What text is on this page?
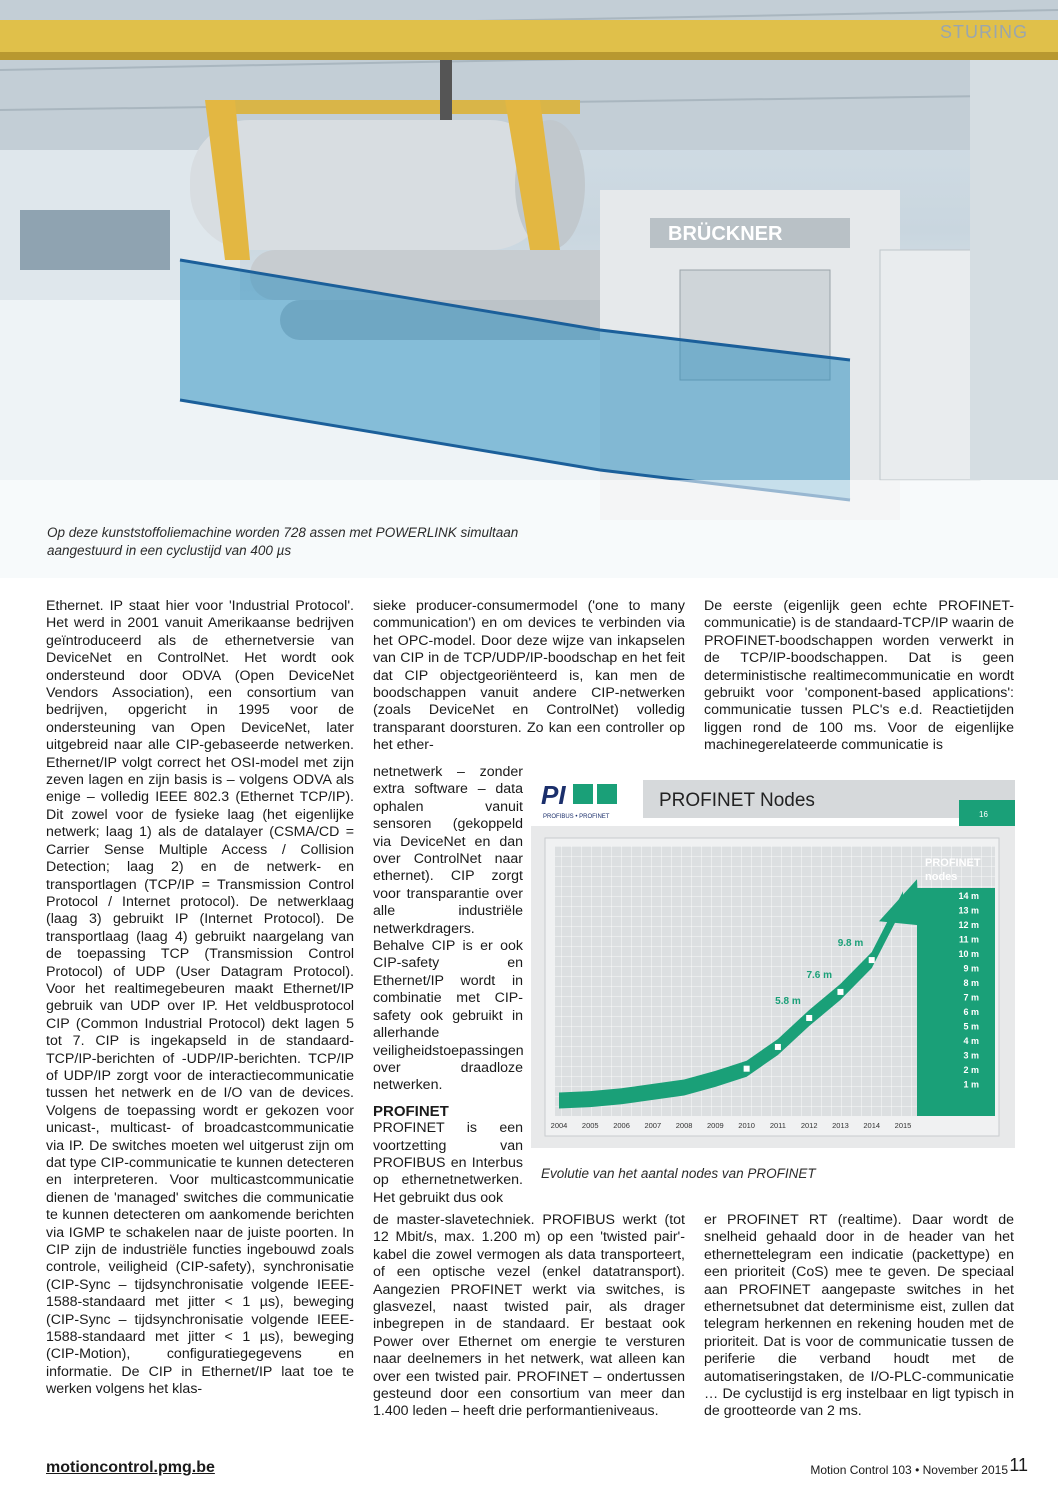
BRÜCKNER
STURING
Op deze kunststoffoliemachine worden 728 assen met POWERLINK simultaan aangestuurd in een cyclustijd van 400 µs

Ethernet. IP staat hier voor 'Industrial Protocol'. Het werd in 2001 vanuit Amerikaanse bedrijven geïntroduceerd als de ethernetversie van DeviceNet en ControlNet. Het wordt ook ondersteund door ODVA (Open DeviceNet Vendors Association), een consortium van bedrijven, opgericht in 1995 voor de ondersteuning van Open DeviceNet, later uitgebreid naar alle CIP-gebaseerde netwerken. Ethernet/IP volgt correct het OSI-model met zijn zeven lagen en zijn basis is – volgens ODVA als enige – volledig IEEE 802.3 (Ethernet TCP/IP). Dit zowel voor de fysieke laag (het eigenlijke netwerk; laag 1) als de datalayer (CSMA/CD = Carrier Sense Multiple Access / Collision Detection; laag 2) en de netwerk- en transportlagen (TCP/IP = Transmission Control Protocol / Internet protocol). De netwerklaag (laag 3) gebruikt IP (Internet Protocol). De transportlaag (laag 4) gebruikt naargelang van de toepassing TCP (Transmission Control Protocol) of UDP (User Datagram Protocol). Voor het realtimegebeuren maakt Ethernet/IP gebruik van UDP over IP. Het veldbusprotocol CIP (Common Industrial Protocol) dekt lagen 5 tot 7. CIP is ingekapseld in de standaard-TCP/IP-berichten of -UDP/IP-berichten. TCP/IP of UDP/IP zorgt voor de interactiecommunicatie tussen het netwerk en de I/O van de devices. Volgens de toepassing wordt er gekozen voor unicast-, multicast- of broadcastcommunicatie via IP. De switches moeten wel uitgerust zijn om dat type CIP-communicatie te kunnen detecteren en interpreteren. Voor multicastcommunicatie dienen de 'managed' switches die communicatie te kunnen detecteren om aankomende berichten via IGMP te schakelen naar de juiste poorten. In CIP zijn de industriële functies ingebouwd zoals controle, veiligheid (CIP-safety), synchronisatie (CIP-Sync – tijdsynchronisatie volgende IEEE-1588-standaard met jitter < 1 µs), beweging (CIP-Sync – tijdsynchronisatie volgende IEEE-1588-standaard met jitter < 1 µs), beweging (CIP-Motion), configuratiegegevens en informatie. De CIP in Ethernet/IP laat toe te werken volgens het klas-

sieke producer-consumermodel ('one to many communication') en om devices te verbinden via het OPC-model. Door deze wijze van inkapselen van CIP in de TCP/UDP/IP-boodschap en het feit dat CIP objectgeoriënteerd is, kan men de boodschappen vanuit andere CIP-netwerken (zoals DeviceNet en ControlNet) volledig transparant doorsturen. Zo kan een controller op het ether-

netnetwerk – zonder extra software – data ophalen vanuit sensoren (gekoppeld via DeviceNet en dan over ControlNet naar ethernet). CIP zorgt voor transparantie over alle industriële netwerkdragers. Behalve CIP is er ook CIP-safety en Ethernet/IP wordt in combinatie met CIP-safety ook gebruikt in allerhande veiligheidstoepassingen over draadloze netwerken.

PROFINET

PROFINET is een voortzetting van PROFIBUS en Interbus op ethernetnetwerken. Het gebruikt dus ook

de master-slavetechniek. PROFIBUS werkt (tot 12 Mbit/s, max. 1.200 m) op een 'twisted pair'-kabel die zowel vermogen als data transporteert, of een optische vezel (enkel datatransport). Aangezien PROFINET werkt via switches, is glasvezel, naast twisted pair, als drager inbegrepen in de standaard. Er bestaat ook Power over Ethernet om energie te versturen naar deelnemers in het netwerk, wat alleen kan over een twisted pair. PROFINET – ondertussen gesteund door een consortium van meer dan 1.400 leden – heeft drie performantieniveaus.

De eerste (eigenlijk geen echte PROFINET-communicatie) is de standaard-TCP/IP waarin de PROFINET-boodschappen worden verwerkt in de TCP/IP-boodschappen. Dat is geen deterministische realtimecommunicatie en wordt gebruikt voor 'component-based applications': communicatie tussen PLC's e.d. Reactietijden liggen rond de 100 ms. Voor de eigenlijke machinegerelateerde communicatie is

er PROFINET RT (realtime). Daar wordt de snelheid gehaald door in de header van het ethernettelegram een indicatie (packettype) en een prioriteit (CoS) mee te geven. De speciaal aan PROFINET aangepaste switches in het ethernetsubnet dat determinisme eist, zullen dat telegram herkennen en rekening houden met de prioriteit. Dat is voor de communicatie tussen de periferie die verband houdt met de automatiseringstaken, de I/O-PLC-communicatie … De cyclustijd is erg instelbaar en ligt typisch in de grootteorde van 2 ms.

PI
PROFIBUS • PROFINET
PROFINET Nodes
16
1 m
2 m
3 m
4 m
5 m
6 m
7 m
8 m
9 m
10 m
11 m
12 m
13 m
14 m
PROFINET nodes
5.8 m
7.6 m
9.8 m
2004 2005 2006 2007 2008 2009 2010 2011 2012 2013 2014 2015
Evolutie van het aantal nodes van PROFINET
motioncontrol.pmg.be	Motion Control 103 • November 2015 11
